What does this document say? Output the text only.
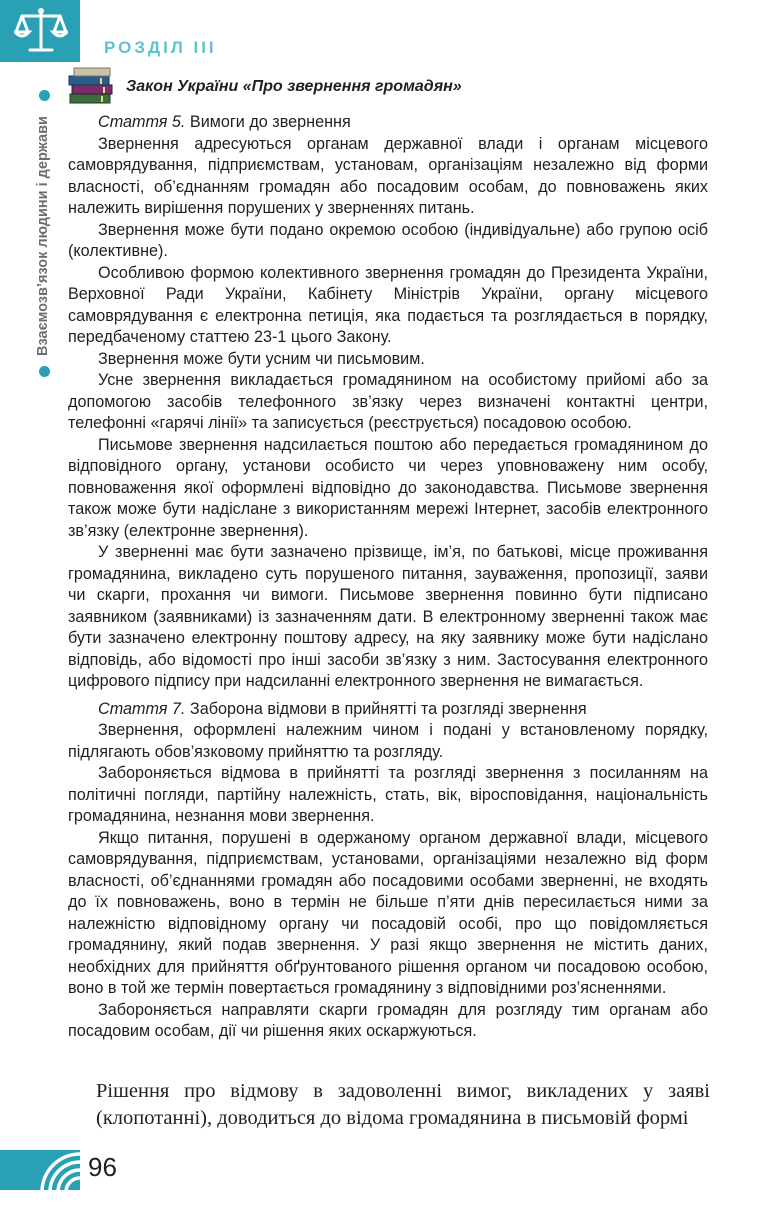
РОЗДІЛ III
Взаємозв’язок людини і держави
Закон України «Про звернення громадян»

Стаття 5. Вимоги до звернення

Звернення адресуються органам державної влади і органам місцевого самоврядування, підприємствам, установам, організаціям незалежно від форми власності, об’єднанням громадян або посадовим особам, до повноважень яких належить вирішення порушених у зверненнях питань.

Звернення може бути подано окремою особою (індивідуальне) або групою осіб (колективне).

Особливою формою колективного звернення громадян до Президента України, Верховної Ради України, Кабінету Міністрів України, органу місцевого самоврядування є електронна петиція, яка подається та розглядається в порядку, передбаченому статтею 23-1 цього Закону.

Звернення може бути усним чи письмовим.

Усне звернення викладається громадянином на особистому прийомі або за допомогою засобів телефонного зв’язку через визначені контактні центри, телефонні «гарячі лінії» та записується (реєструється) посадовою особою.

Письмове звернення надсилається поштою або передається громадянином до відповідного органу, установи особисто чи через уповноважену ним особу, повноваження якої оформлені відповідно до законодавства. Письмове звернення також може бути надіслане з використанням мережі Інтернет, засобів електронного зв’язку (електронне звернення).

У зверненні має бути зазначено прізвище, ім’я, по батькові, місце проживання громадянина, викладено суть порушеного питання, зауваження, пропозиції, заяви чи скарги, прохання чи вимоги. Письмове звернення повинно бути підписано заявником (заявниками) із зазначенням дати. В електронному зверненні також має бути зазначено електронну поштову адресу, на яку заявнику може бути надіслано відповідь, або відомості про інші засоби зв’язку з ним. Застосування електронного цифрового підпису при надсиланні електронного звернення не вимагається.

Стаття 7. Заборона відмови в прийнятті та розгляді звернення

Звернення, оформлені належним чином і подані у встановленому порядку, підлягають обов’язковому прийняттю та розгляду.

Забороняється відмова в прийнятті та розгляді звернення з посиланням на політичні погляди, партійну належність, стать, вік, віросповідання, національність громадянина, незнання мови звернення.

Якщо питання, порушені в одержаному органом державної влади, місцевого самоврядування, підприємствам, установами, організаціями незалежно від форм власності, об’єднаннями громадян або посадовими особами зверненні, не входять до їх повноважень, воно в термін не більше п’яти днів пересилається ними за належністю відповідному органу чи посадовій особі, про що повідомляється громадянину, який подав звернення. У разі якщо звернення не містить даних, необхідних для прийняття обґрунтованого рішення органом чи посадовою особою, воно в той же термін повертається громадянину з відповідними роз’ясненнями.

Забороняється направляти скарги громадян для розгляду тим органам або посадовим особам, дії чи рішення яких оскаржуються.

Рішення про відмову в задоволенні вимог, викладених у заяві (клопотанні), доводиться до відома громадянина в письмовій формі
96
